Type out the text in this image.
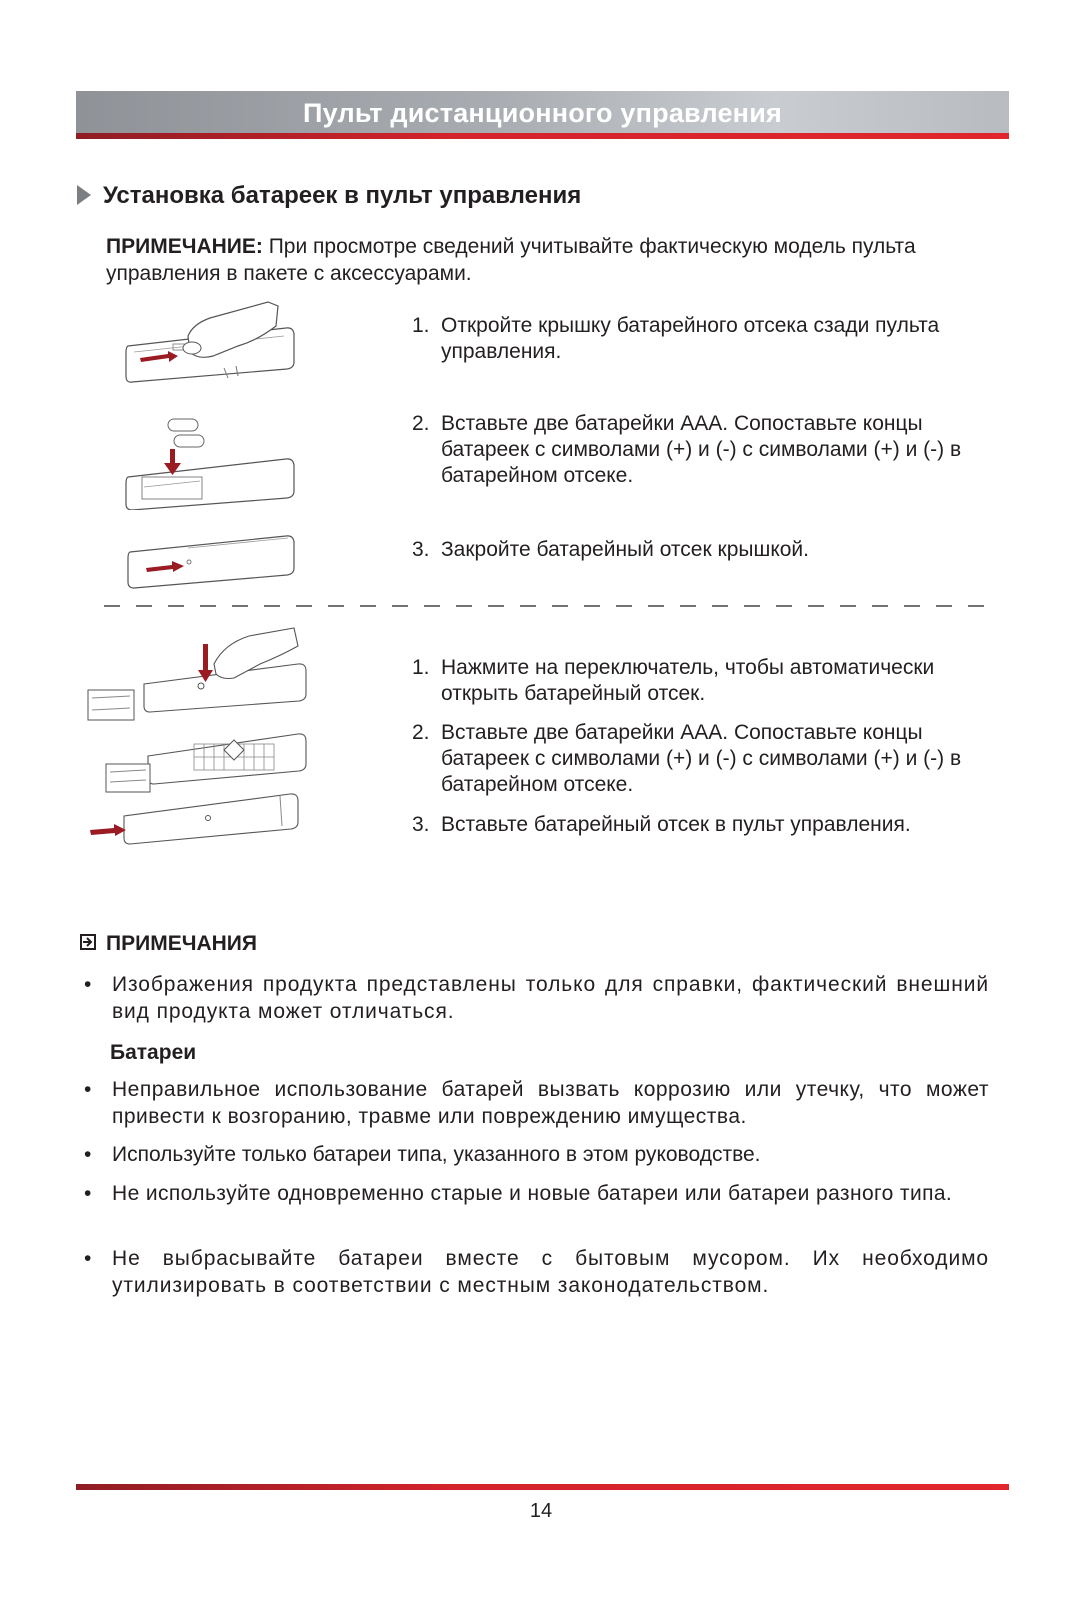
Пульт дистанционного управления
Установка батареек в пульт управления
ПРИМЕЧАНИЕ: При просмотре сведений учитывайте фактическую модель пульта управления в пакете с аксессуарами.
1. Откройте крышку батарейного отсека сзади пульта управления.
2. Вставьте две батарейки ААА. Сопоставьте концы батареек с символами (+) и (-) с символами (+) и (-) в батарейном отсеке.
3. Закройте батарейный отсек крышкой.
1. Нажмите на переключатель, чтобы автоматически открыть батарейный отсек.
2. Вставьте две батарейки ААА. Сопоставьте концы батареек с символами (+) и (-) с символами (+) и (-) в батарейном отсеке.
3. Вставьте батарейный отсек в пульт управления.
ПРИМЕЧАНИЯ
• Изображения продукта представлены только для справки, фактический внешний вид продукта может отличаться.
Батареи
• Неправильное использование батарей вызвать коррозию или утечку, что может привести к возгоранию, травме или повреждению имущества.
• Используйте только батареи типа, указанного в этом руководстве.
• Не используйте одновременно старые и новые батареи или батареи разного типа.
• Не выбрасывайте батареи вместе с бытовым мусором. Их необходимо утилизировать в соответствии с местным законодательством.
14
